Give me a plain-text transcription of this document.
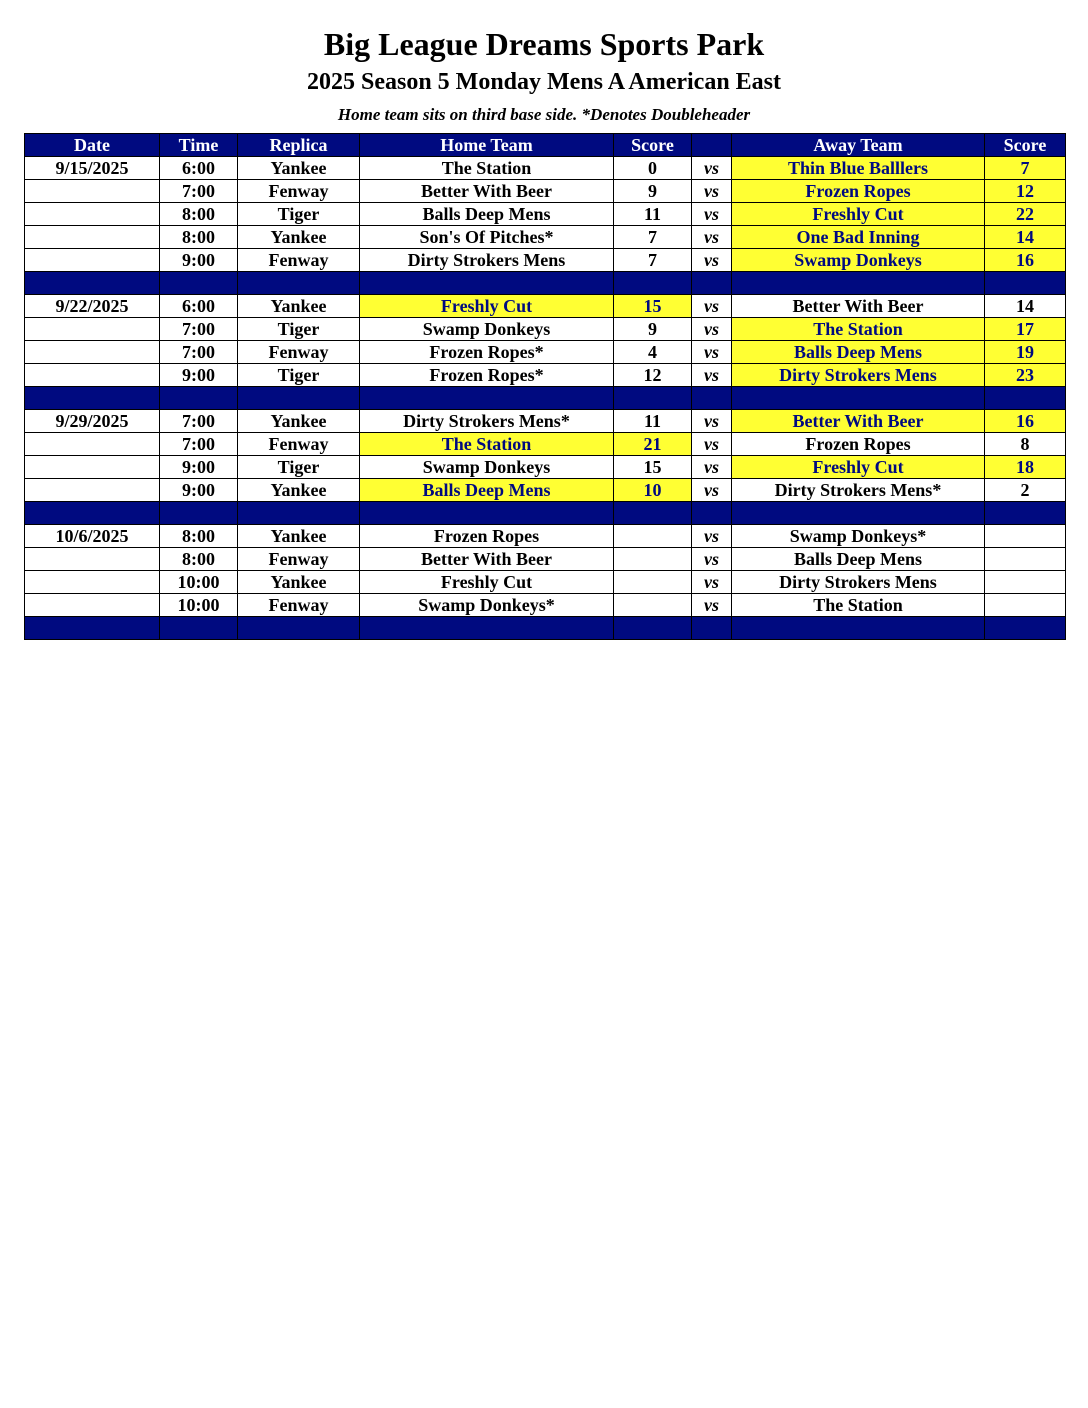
Big League Dreams Sports Park
2025 Season 5 Monday Mens A American East
Home team sits on third base side. *Denotes Doubleheader
Date	Time	Replica	Home Team	Score		Away Team	Score
9/15/2025	6:00	Yankee	The Station	0	vs	Thin Blue Balllers	7
	7:00	Fenway	Better With Beer	9	vs	Frozen Ropes	12
	8:00	Tiger	Balls Deep Mens	11	vs	Freshly Cut	22
	8:00	Yankee	Son's Of Pitches*	7	vs	One Bad Inning	14
	9:00	Fenway	Dirty Strokers Mens	7	vs	Swamp Donkeys	16

9/22/2025	6:00	Yankee	Freshly Cut	15	vs	Better With Beer	14
	7:00	Tiger	Swamp Donkeys	9	vs	The Station	17
	7:00	Fenway	Frozen Ropes*	4	vs	Balls Deep Mens	19
	9:00	Tiger	Frozen Ropes*	12	vs	Dirty Strokers Mens	23

9/29/2025	7:00	Yankee	Dirty Strokers Mens*	11	vs	Better With Beer	16
	7:00	Fenway	The Station	21	vs	Frozen Ropes	8
	9:00	Tiger	Swamp Donkeys	15	vs	Freshly Cut	18
	9:00	Yankee	Balls Deep Mens	10	vs	Dirty Strokers Mens*	2

10/6/2025	8:00	Yankee	Frozen Ropes		vs	Swamp Donkeys*	
	8:00	Fenway	Better With Beer		vs	Balls Deep Mens	
	10:00	Yankee	Freshly Cut		vs	Dirty Strokers Mens	
	10:00	Fenway	Swamp Donkeys*		vs	The Station	
